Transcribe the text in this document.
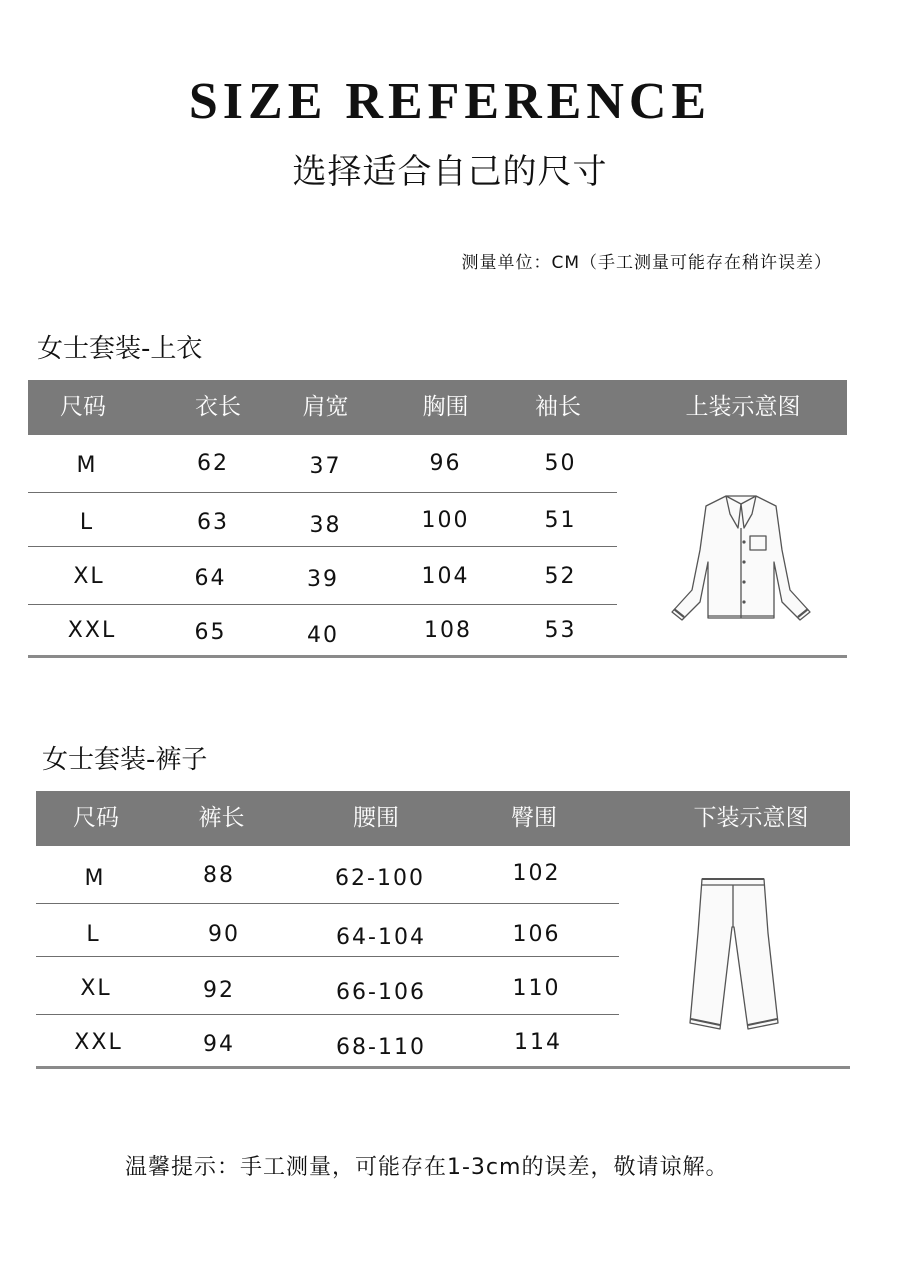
SIZE REFERENCE
选择适合自己的尺寸
测量单位：CM（手工测量可能存在稍许误差）
女士套装-上衣
尺码	衣长	肩宽	胸围	袖长	上装示意图
M	62	37	96	50
L	63	38	100	51
XL	64	39	104	52
XXL	65	40	108	53
女士套装-裤子
尺码	裤长	腰围	臀围	下装示意图
M	88	62-100	102
L	90	64-104	106
XL	92	66-106	110
XXL	94	68-110	114
温馨提示：手工测量，可能存在1-3cm的误差，敬请谅解。
